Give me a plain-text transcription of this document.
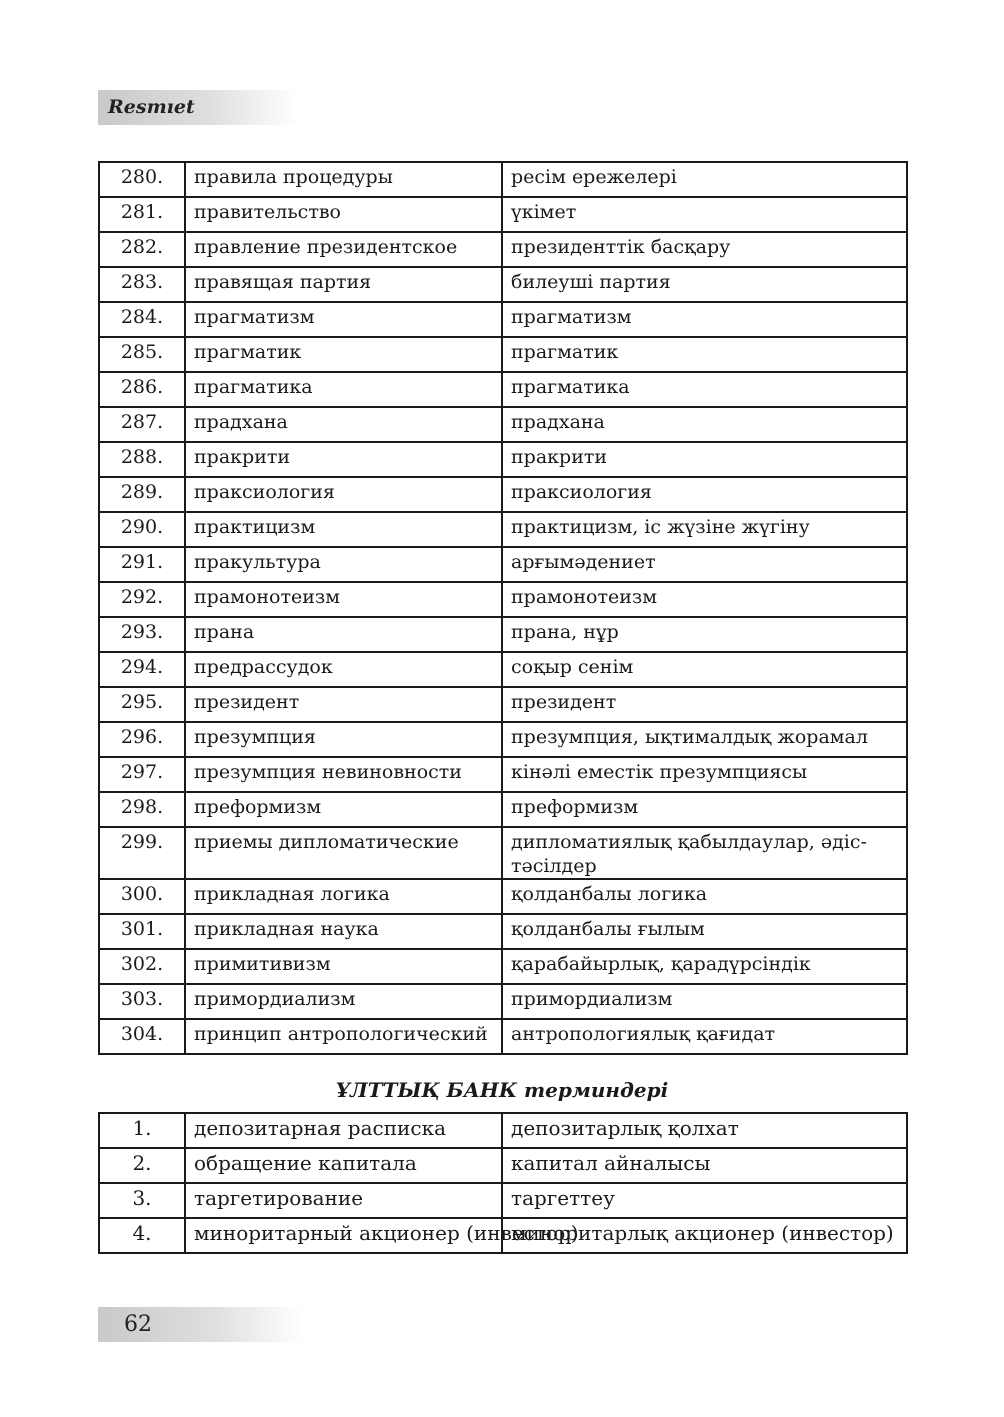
Resmıet
280.	правила процедуры	ресім ережелері
281.	правительство	үкімет
282.	правление президентское	президенттік басқару
283.	правящая партия	билеуші партия
284.	прагматизм	прагматизм
285.	прагматик	прагматик
286.	прагматика	прагматика
287.	прадхана	прадхана
288.	пракрити	пракрити
289.	праксиология	праксиология
290.	практицизм	практицизм, іс жүзіне жүгіну
291.	пракультура	арғымәдениет
292.	прамонотеизм	прамонотеизм
293.	прана	прана, нұр
294.	предрассудок	соқыр сенім
295.	президент	президент
296.	презумпция	презумпция, ықтималдық жорамал
297.	презумпция невиновности	кінәлі еместік презумпциясы
298.	преформизм	преформизм
299.	приемы дипломатические	дипломатиялық қабылдаулар, әдіс-тәсілдер
300.	прикладная логика	қолданбалы логика
301.	прикладная наука	қолданбалы ғылым
302.	примитивизм	қарабайырлық, қарадүрсіндік
303.	примордиализм	примордиализм
304.	принцип антропологический	антропологиялық қағидат
ҰЛТТЫҚ БАНК терминдері
1.	депозитарная расписка	депозитарлық қолхат
2.	обращение капитала	капитал айналысы
3.	таргетирование	таргеттеу
4.	миноритарный акционер (инвестор)	миноритарлық акционер (инвестор)
62
